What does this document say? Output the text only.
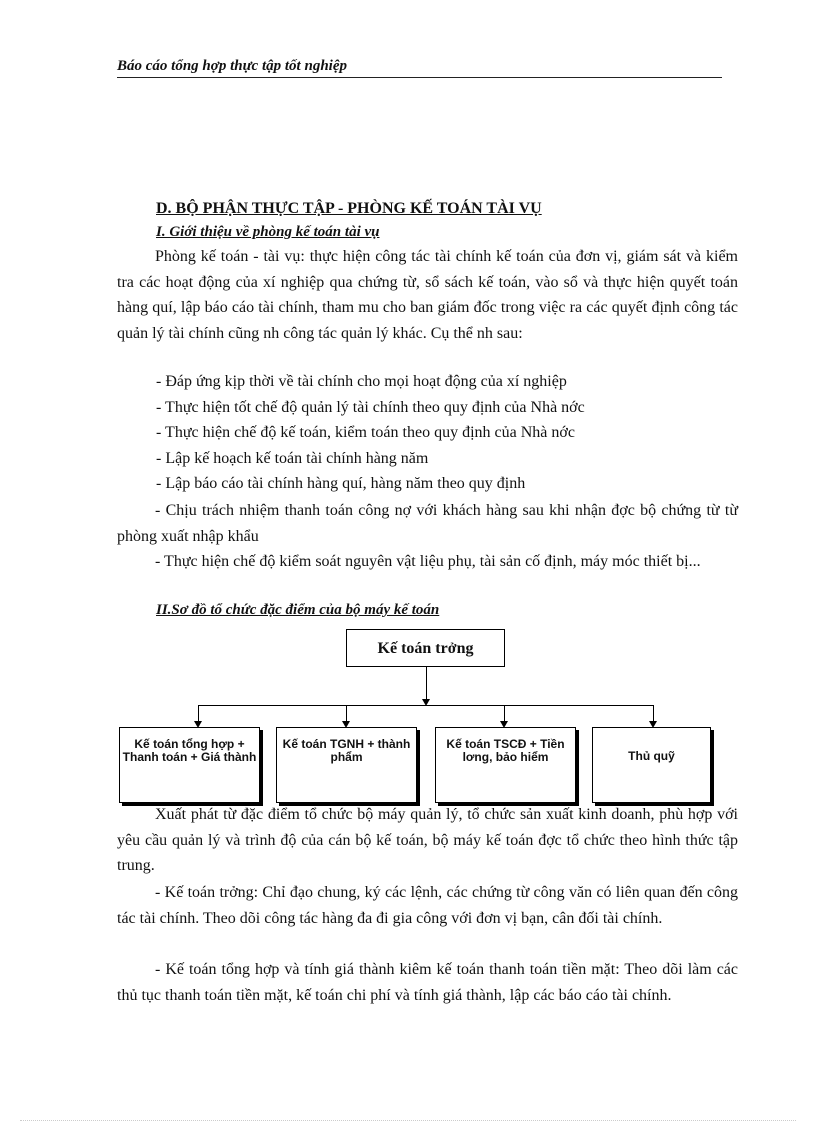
Báo cáo tổng hợp thực tập tốt nghiệp
D. BỘ PHẬN THỰC TẬP - PHÒNG KẾ TOÁN TÀI VỤ
I. Giới thiệu về phòng kế toán tài vụ
Phòng kế toán - tài vụ: thực hiện công tác tài chính kế toán của đơn vị, giám sát và kiểm tra các hoạt động của xí nghiệp qua chứng từ, sổ sách kế toán, vào sổ và thực hiện quyết toán hàng quí, lập báo cáo tài chính, tham mu cho ban giám đốc trong việc ra các quyết định công tác quản lý tài chính cũng nh công tác quản lý khác. Cụ thể nh sau:
- Đáp ứng kịp thời về tài chính cho mọi hoạt động của xí nghiệp
- Thực hiện tốt chế độ quản lý tài chính theo quy định của Nhà nớc
- Thực hiện chế độ kế toán, kiểm toán theo quy định của Nhà nớc
- Lập kế hoạch kế toán tài chính hàng năm
- Lập báo cáo tài chính hàng quí, hàng năm theo quy định
- Chịu trách nhiệm thanh toán công nợ với khách hàng sau khi nhận đợc bộ chứng từ từ phòng xuất nhập khẩu
- Thực hiện chế độ kiểm soát nguyên vật liệu phụ, tài sản cố định, máy móc thiết bị...
II.Sơ đồ tổ chức đặc điểm của bộ máy kế toán
Kế toán trởng
Kế toán tổng hợp + Thanh toán + Giá thành
Kế toán TGNH + thành phẩm
Kế toán TSCĐ + Tiền lơng, bảo hiểm	Thủ quỹ
Xuất phát từ đặc điểm tổ chức bộ máy quản lý, tổ chức sản xuất kinh doanh, phù hợp với yêu cầu quản lý và trình độ của cán bộ kế toán, bộ máy kế toán đợc tổ chức theo hình thức tập trung.
- Kế toán trởng: Chỉ đạo chung, ký các lệnh, các chứng từ công văn có liên quan đến công tác tài chính. Theo dõi công tác hàng đa đi gia công với đơn vị bạn, cân đối tài chính.
- Kế toán tổng hợp và tính giá thành kiêm kế toán thanh toán tiền mặt: Theo dõi làm các thủ tục thanh toán tiền mặt, kế toán chi phí và tính giá thành, lập các báo cáo tài chính.
